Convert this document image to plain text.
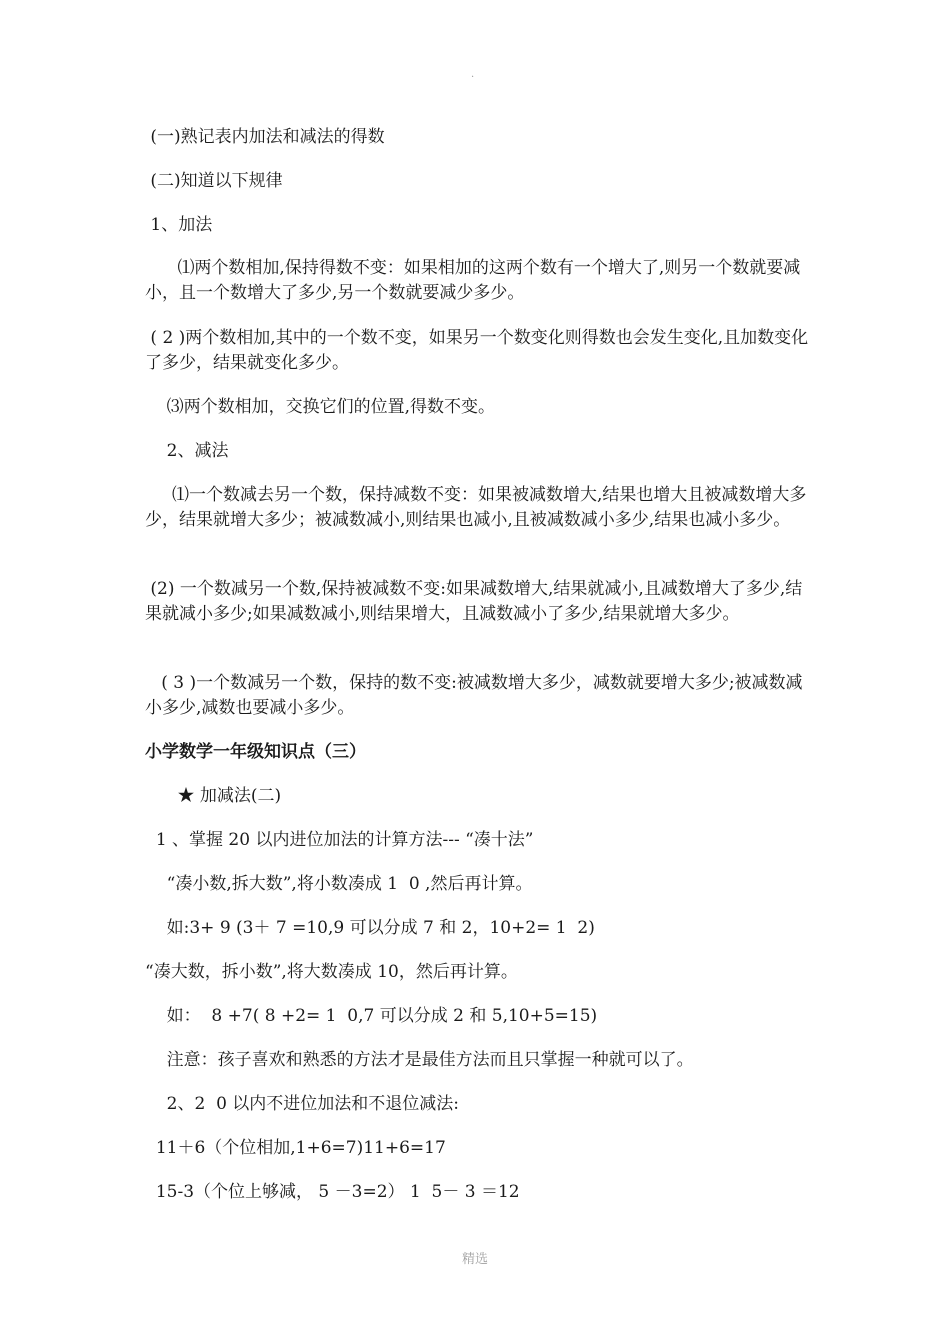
.

(一)熟记表内加法和减法的得数

(二)知道以下规律

1、加法

⑴两个数相加,保持得数不变：如果相加的这两个数有一个增大了,则另一个数就要减小，且一个数增大了多少,另一个数就要减少多少。

( 2 )两个数相加,其中的一个数不变，如果另一个数变化则得数也会发生变化,且加数变化了多少，结果就变化多少。

⑶两个数相加，交换它们的位置,得数不变。

2、减法

⑴一个数减去另一个数，保持减数不变：如果被减数增大,结果也增大且被减数增大多少，结果就增大多少；被减数减小,则结果也减小,且被减数减小多少,结果也减小多少。

(2) 一个数减另一个数,保持被减数不变:如果减数增大,结果就减小,且减数增大了多少,结果就减小多少;如果减数减小,则结果增大，且减数减小了多少,结果就增大多少。

( 3 )一个数减另一个数，保持的数不变:被减数增大多少，减数就要增大多少;被减数减小多少,减数也要减小多少。

小学数学一年级知识点（三）

★ 加减法(二)

1 、掌握 20 以内进位加法的计算方法--- “凑十法”

“凑小数,拆大数”,将小数凑成 1  0 ,然后再计算。

如:3+ 9 (3＋ 7 =10,9 可以分成 7 和 2，10+2= 1  2)

“凑大数，拆小数”,将大数凑成 10，然后再计算。

如：  8 +7( 8 +2= 1  0,7 可以分成 2 和 5,10+5=15)

注意：孩子喜欢和熟悉的方法才是最佳方法而且只掌握一种就可以了。

2、2  0 以内不进位加法和不退位减法:

11＋6（个位相加,1+6=7)11+6=17

15-3（个位上够减， 5 －3=2） 1  5－ 3 ＝12

精选
